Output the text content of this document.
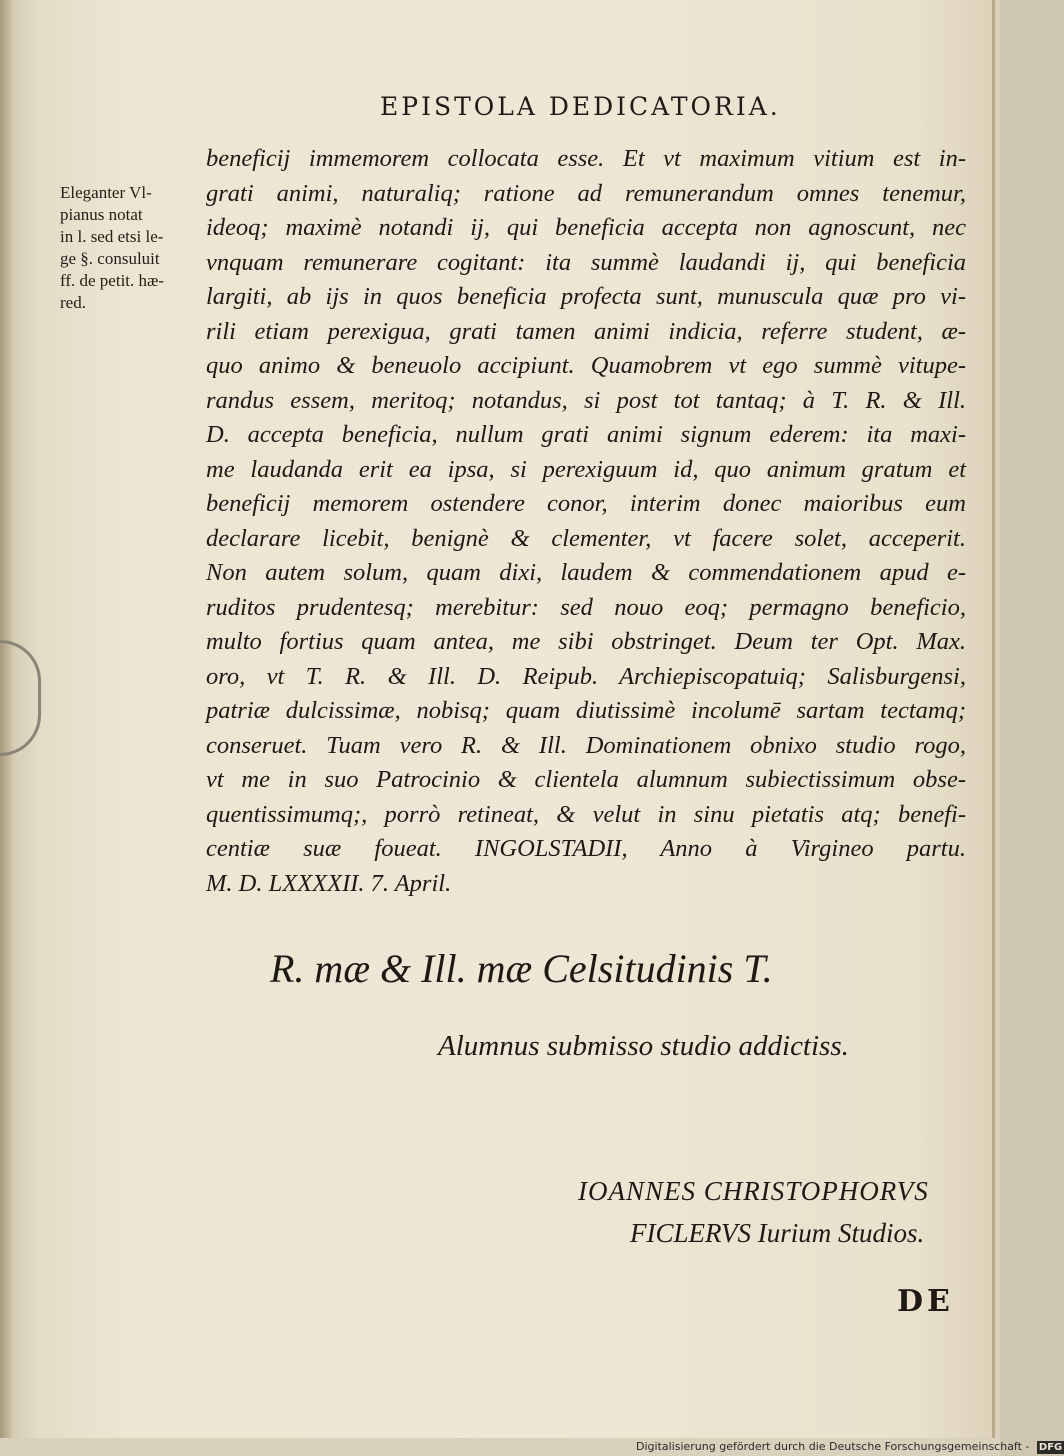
EPISTOLA DEDICATORIA.
Eleganter Vl-
pianus notat
in l. sed etsi le-
ge §. consuluit
ff. de petit. hæ-
red.
beneficij immemorem collocata esse. Et vt maximum vitium est in-
grati animi, naturaliq; ratione ad remunerandum omnes tenemur,
ideoq; maximè notandi ij, qui beneficia accepta non agnoscunt, nec
vnquam remunerare cogitant: ita summè laudandi ij, qui beneficia
largiti, ab ijs in quos beneficia profecta sunt, munuscula quæ pro vi-
rili etiam perexigua, grati tamen animi indicia, referre student, æ-
quo animo & beneuolo accipiunt. Quamobrem vt ego summè vitupe-
randus essem, meritoq; notandus, si post tot tantaq; à T. R. & Ill.
D. accepta beneficia, nullum grati animi signum ederem: ita maxi-
me laudanda erit ea ipsa, si perexiguum id, quo animum gratum et
beneficij memorem ostendere conor, interim donec maioribus eum
declarare licebit, benignè & clementer, vt facere solet, acceperit.
Non autem solum, quam dixi, laudem & commendationem apud e-
ruditos prudentesq; merebitur: sed nouo eoq; permagno beneficio,
multo fortius quam antea, me sibi obstringet. Deum ter Opt. Max.
oro, vt T. R. & Ill. D. Reipub. Archiepiscopatuiq; Salisburgensi,
patriæ dulcissimæ, nobisq; quam diutissimè incolumē sartam tectamq;
conseruet. Tuam vero R. & Ill. Dominationem obnixo studio rogo,
vt me in suo Patrocinio & clientela alumnum subiectissimum obse-
quentissimumq;, porrò retineat, & velut in sinu pietatis atq; benefi-
centiæ suæ foueat. INGOLSTADII, Anno à Virgineo partu.
M. D. LXXXXII. 7. April.
R. mæ & Ill. mæ Celsitudinis T.
Alumnus submisso studio addictiss.
IOANNES CHRISTOPHORVS
FICLERVS Iurium Studios.
DE
Digitalisierung gefördert durch die Deutsche Forschungsgemeinschaft - DFG
